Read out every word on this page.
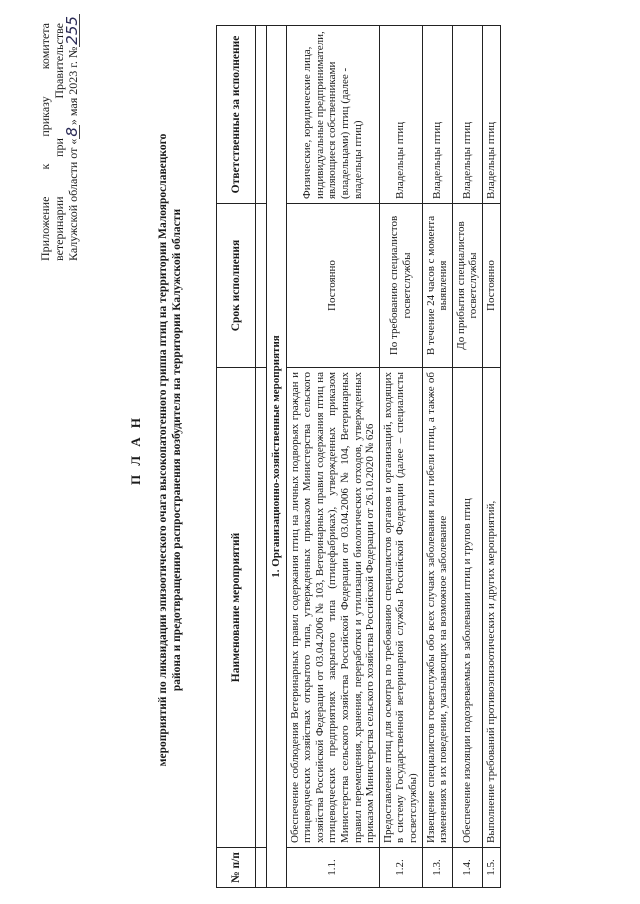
Приложение
к
приказу
комитета
ветеринарии
при
Правительстве
Калужской области от «8» мая 2023 г. №255
П Л А Н мероприятий по ликвидации эпизоотического очага высокопатогенного гриппа птиц на территории Малоярославецкого района и предотвращению распространения возбудителя на территории Калужской области
№ п/п	Наименование мероприятий	Срок исполнения	Ответственные за исполнение

1. Организационно-хозяйственные мероприятия			
1.1.	Обеспечение соблюдения Ветеринарных правил содержания птиц на личных подворьях граждан и птицеводческих хозяйствах открытого типа, утвержденных приказом Министерства сельского хозяйства Российской Федерации от 03.04.2006 № 103, Ветеринарных правил содержания птиц на птицеводческих предприятиях закрытого типа (птицефабриках), утвержденных приказом Министерства сельского хозяйства Российской Федерации от 03.04.2006 № 104, Ветеринарных правил перемещения, хранения, переработки и утилизации биологических отходов, утвержденных приказом Министерства сельского хозяйства Российской Федерации от 26.10.2020 № 626	Постоянно	Физические, юридические лица, индивидуальные предприниматели, являющиеся собственниками (владельцами) птиц (далее - владельцы птиц)
1.2.	Предоставление птиц для осмотра по требованию специалистов органов и организаций, входящих в систему Государственной ветеринарной службы Российской Федерации (далее – специалисты госветслужбы)	По требованию специалистов госветслужбы	Владельцы птиц
1.3.	Извещение специалистов госветслужбы обо всех случаях заболевания или гибели птиц, а также об изменениях в их поведении, указывающих на возможное заболевание	В течение 24 часов с момента выявления	Владельцы птиц
1.4.	Обеспечение изоляции подозреваемых в заболевании птиц и трупов птиц	До прибытия специалистов госветслужбы	Владельцы птиц
1.5.	Выполнение требований противоэпизоотических и других мероприятий,	Постоянно	Владельцы птиц
